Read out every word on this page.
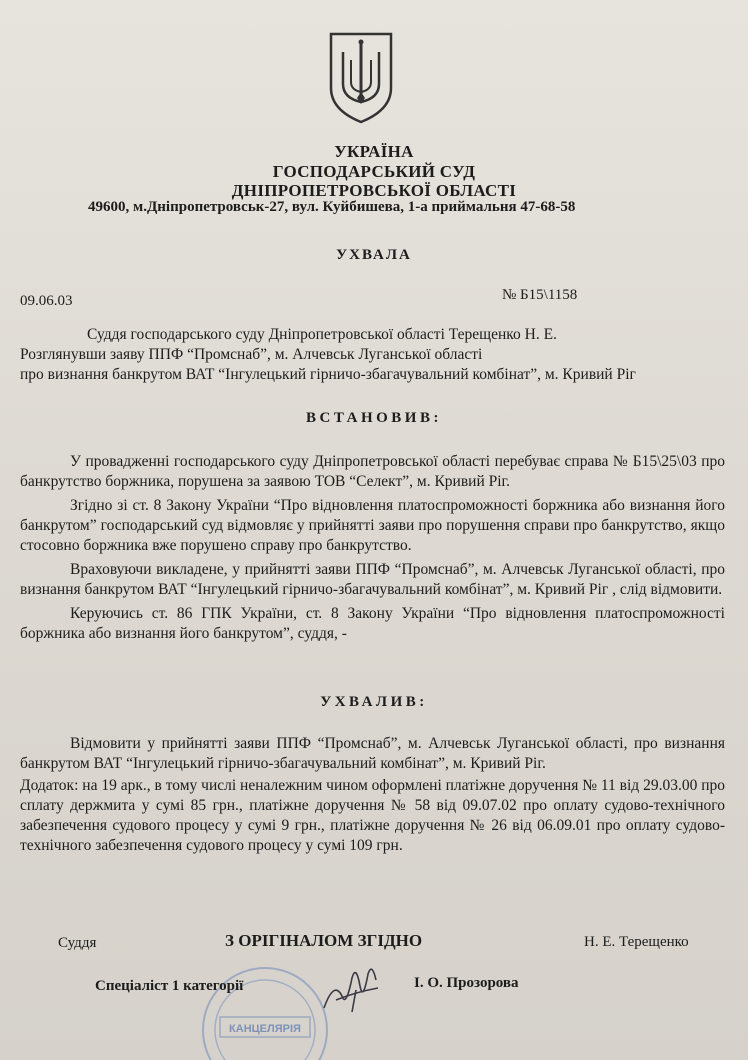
УКРАЇНА
ГОСПОДАРСЬКИЙ СУД
ДНІПРОПЕТРОВСЬКОЇ ОБЛАСТІ
49600, м.Дніпропетровськ-27, вул. Куйбишева, 1-а приймальня 47-68-58
УХВАЛА
09.06.03	№ Б15\1158

Суддя господарського суду Дніпропетровської області Терещенко Н. Е.

Розглянувши заяву ППФ “Промснаб”, м. Алчевськ Луганської області

про визнання банкрутом ВАТ “Інгулецький гірничо-збагачувальний комбінат”, м. Кривий Ріг

ВСТАНОВИВ:

У провадженні господарського суду Дніпропетровської області перебуває справа № Б15\25\03 про банкрутство боржника, порушена за заявою ТОВ “Селект”, м. Кривий Ріг.

Згідно зі ст. 8 Закону України “Про відновлення платоспроможності боржника або визнання його банкрутом” господарський суд відмовляє у прийнятті заяви про порушення справи про банкрутство, якщо стосовно боржника вже порушено справу про банкрутство.

Враховуючи викладене, у прийнятті заяви ППФ “Промснаб”, м. Алчевськ Луганської області, про визнання банкрутом ВАТ “Інгулецький гірничо-збагачувальний комбінат”, м. Кривий Ріг , слід відмовити.

Керуючись ст. 86 ГПК України, ст. 8 Закону України “Про відновлення платоспроможності боржника або визнання його банкрутом”, суддя, -

УХВАЛИВ:

Відмовити у прийнятті заяви ППФ “Промснаб”, м. Алчевськ Луганської області, про визнання банкрутом ВАТ “Інгулецький гірничо-збагачувальний комбінат”, м. Кривий Ріг.

Додаток: на 19 арк., в тому числі неналежним чином оформлені платіжне доручення № 11 від 29.03.00 про сплату держмита у сумі 85 грн., платіжне доручення № 58 від 09.07.02 про оплату судово-технічного забезпечення судового процесу у сумі 9 грн., платіжне доручення № 26 від 06.09.01 про оплату судово-технічного забезпечення судового процесу у сумі 109 грн.

КАНЦЕЛЯРІЯ
Суддя	З ОРІГІНАЛОМ ЗГІДНО	Н. Е. Терещенко
Спеціаліст 1 категорії	І. О. Прозорова
